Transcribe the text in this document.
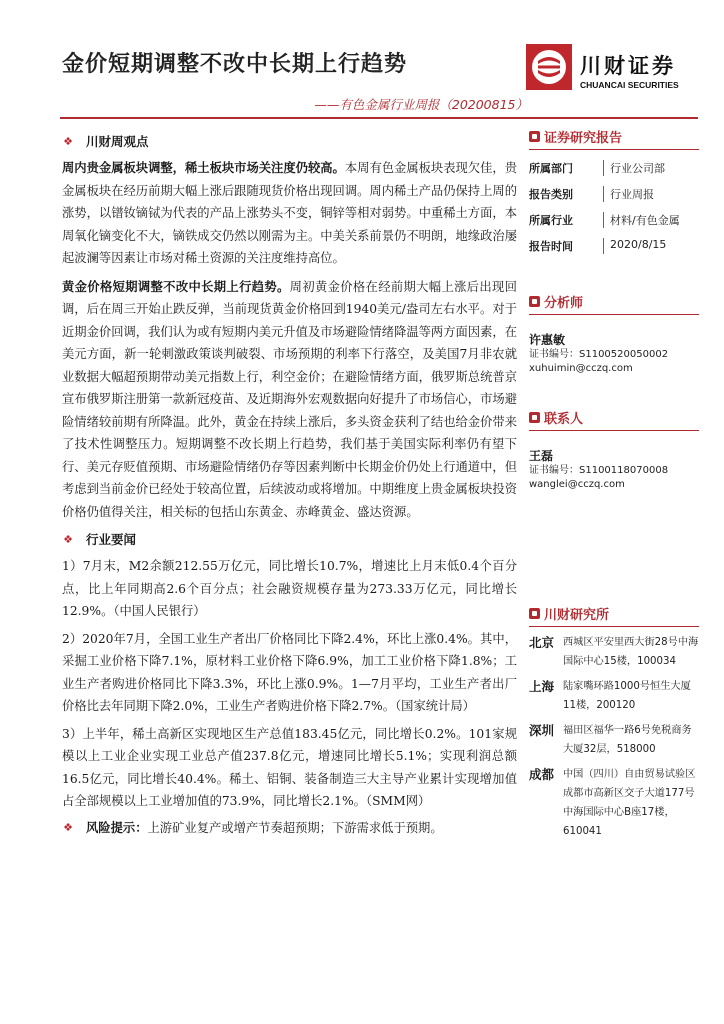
金价短期调整不改中长期上行趋势	川财证券
CHUANCAI SECURITIES
——有色金属行业周报（20200815）
❖ 川财周观点

周内贵金属板块调整，稀土板块市场关注度仍较高。本周有色金属板块表现欠佳，贵金属板块在经历前期大幅上涨后跟随现货价格出现回调。周内稀土产品仍保持上周的涨势，以镨钕镝铽为代表的产品上涨势头不变，铜锌等相对弱势。中重稀土方面，本周氧化镝变化不大，镝铁成交仍然以刚需为主。中美关系前景仍不明朗，地缘政治屡起波澜等因素让市场对稀土资源的关注度维持高位。

黄金价格短期调整不改中长期上行趋势。周初黄金价格在经前期大幅上涨后出现回调，后在周三开始止跌反弹，当前现货黄金价格回到1940美元/盎司左右水平。对于近期金价回调，我们认为或有短期内美元升值及市场避险情绪降温等两方面因素，在美元方面，新一轮刺激政策谈判破裂、市场预期的利率下行落空，及美国7月非农就业数据大幅超预期带动美元指数上行，利空金价；在避险情绪方面，俄罗斯总统普京宣布俄罗斯注册第一款新冠疫苗、及近期海外宏观数据向好提升了市场信心，市场避险情绪较前期有所降温。此外，黄金在持续上涨后，多头资金获利了结也给金价带来了技术性调整压力。短期调整不改长期上行趋势，我们基于美国实际利率仍有望下行、美元存贬值预期、市场避险情绪仍存等因素判断中长期金价仍处上行通道中，但考虑到当前金价已经处于较高位置，后续波动或将增加。中期维度上贵金属板块投资价格仍值得关注，相关标的包括山东黄金、赤峰黄金、盛达资源。

❖ 行业要闻

1）7月末，M2余额212.55万亿元，同比增长10.7%，增速比上月末低0.4个百分点，比上年同期高2.6个百分点；社会融资规模存量为273.33万亿元，同比增长12.9%。（中国人民银行）

2）2020年7月，全国工业生产者出厂价格同比下降2.4%，环比上涨0.4%。其中，采掘工业价格下降7.1%，原材料工业价格下降6.9%，加工工业价格下降1.8%；工业生产者购进价格同比下降3.3%，环比上涨0.9%。1—7月平均，工业生产者出厂价格比去年同期下降2.0%，工业生产者购进价格下降2.7%。（国家统计局）

3）上半年，稀土高新区实现地区生产总值183.45亿元，同比增长0.2%。101家规模以上工业企业实现工业总产值237.8亿元，增速同比增长5.1%；实现利润总额16.5亿元，同比增长40.4%。稀土、铝铜、装备制造三大主导产业累计实现增加值占全部规模以上工业增加值的73.9%，同比增长2.1%。（SMM网）

❖ 风险提示：上游矿业复产或增产节奏超预期；下游需求低于预期。
证券研究报告
所属部门	行业公司部
报告类别	行业周报
所属行业	材料/有色金属
报告时间	2020/8/15
分析师
许惠敏
证书编号：S1100520050002
xuhuimin@cczq.com
联系人
王磊
证书编号：S1100118070008
wanglei@cczq.com
川财研究所
北京 西城区平安里西大街28号中海国际中心15楼，100034
上海 陆家嘴环路1000号恒生大厦11楼，200120
深圳 福田区福华一路6号免税商务大厦32层，518000
成都 中国（四川）自由贸易试验区成都市高新区交子大道177号中海国际中心B座17楼，610041
